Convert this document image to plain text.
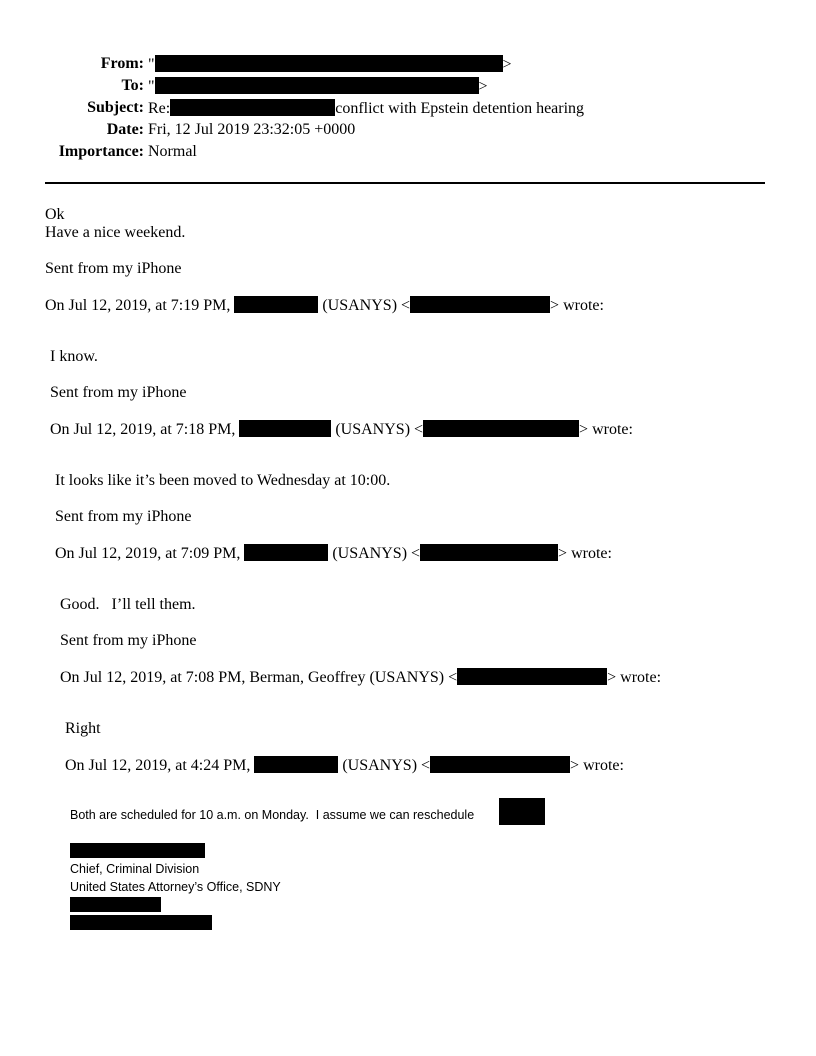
From: "	>
To: "	>
Subject: Re:	conflict with Epstein detention hearing
Date: Fri, 12 Jul 2019 23:32:05 +0000
Importance: Normal
Ok
Have a nice weekend.
Sent from my iPhone
On Jul 12, 2019, at 7:19 PM,	(USANYS) <	> wrote:
I know.
Sent from my iPhone
On Jul 12, 2019, at 7:18 PM,	(USANYS) <	> wrote:
It looks like it’s been moved to Wednesday at 10:00.
Sent from my iPhone
On Jul 12, 2019, at 7:09 PM,	(USANYS) <	> wrote:
Good.   I’ll tell them.
Sent from my iPhone
On Jul 12, 2019, at 7:08 PM, Berman, Geoffrey (USANYS) <	> wrote:
Right
On Jul 12, 2019, at 4:24 PM,	(USANYS) <	> wrote:
Both are scheduled for 10 a.m. on Monday.  I assume we can reschedule
Chief, Criminal Division
United States Attorney’s Office, SDNY
